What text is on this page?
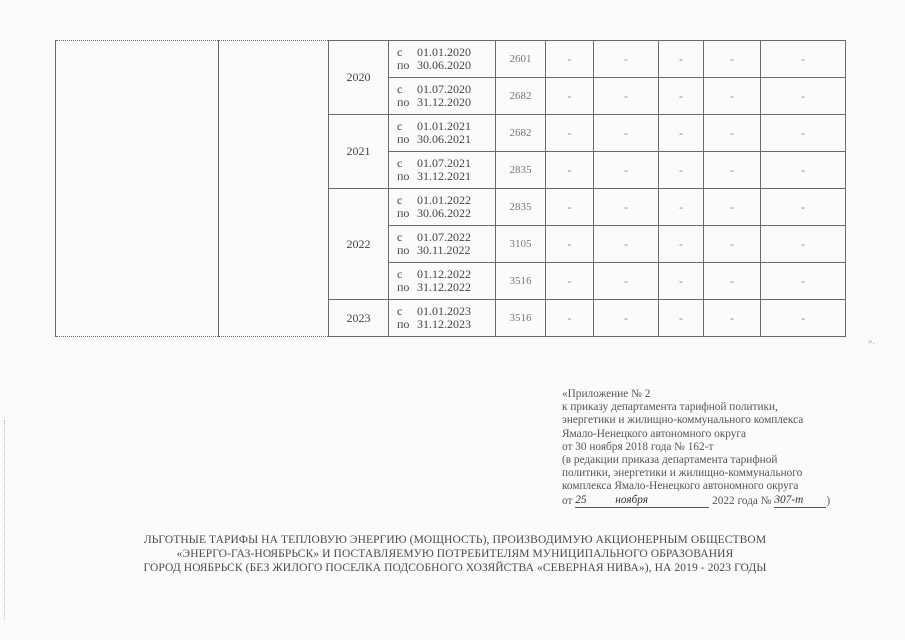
		2020	с 01.01.2020
по 30.06.2020	2601	-	-	-	-	-

			с 01.07.2020
по 31.12.2020	2682	-	-	-	-	-
		2021	с 01.01.2021
по 30.06.2021	2682	-	-	-	-	-

			с 01.07.2021
по 31.12.2021	2835	-	-	-	-	-
		2022	с 01.01.2022
по 30.06.2022	2835	-	-	-	-	-

			с 01.07.2022
по 30.11.2022	3105	-	-	-	-	-

			с 01.12.2022
по 31.12.2022	3516	-	-	-	-	-
		2023	с 01.01.2023
по 31.12.2023	3516	-	-	-	-	-
».
«Приложение № 2
к приказу департамента тарифной политики,
энергетики и жилищно-коммунального комплекса
Ямало-Ненецкого автономного округа
от 30 ноября 2018 года № 162-т
(в редакции приказа департамента тарифной
политики, энергетики и жилищно-коммунального
комплекса Ямало-Ненецкого автономного округа
от 25	ноября	2022 года № 307-т )
ЛЬГОТНЫЕ ТАРИФЫ НА ТЕПЛОВУЮ ЭНЕРГИЮ (МОЩНОСТЬ), ПРОИЗВОДИМУЮ АКЦИОНЕРНЫМ ОБЩЕСТВОМ
«ЭНЕРГО-ГАЗ-НОЯБРЬСК» И ПОСТАВЛЯЕМУЮ ПОТРЕБИТЕЛЯМ МУНИЦИПАЛЬНОГО ОБРАЗОВАНИЯ
ГОРОД НОЯБРЬСК (БЕЗ ЖИЛОГО ПОСЕЛКА ПОДСОБНОГО ХОЗЯЙСТВА «СЕВЕРНАЯ НИВА»), НА 2019 - 2023 ГОДЫ
